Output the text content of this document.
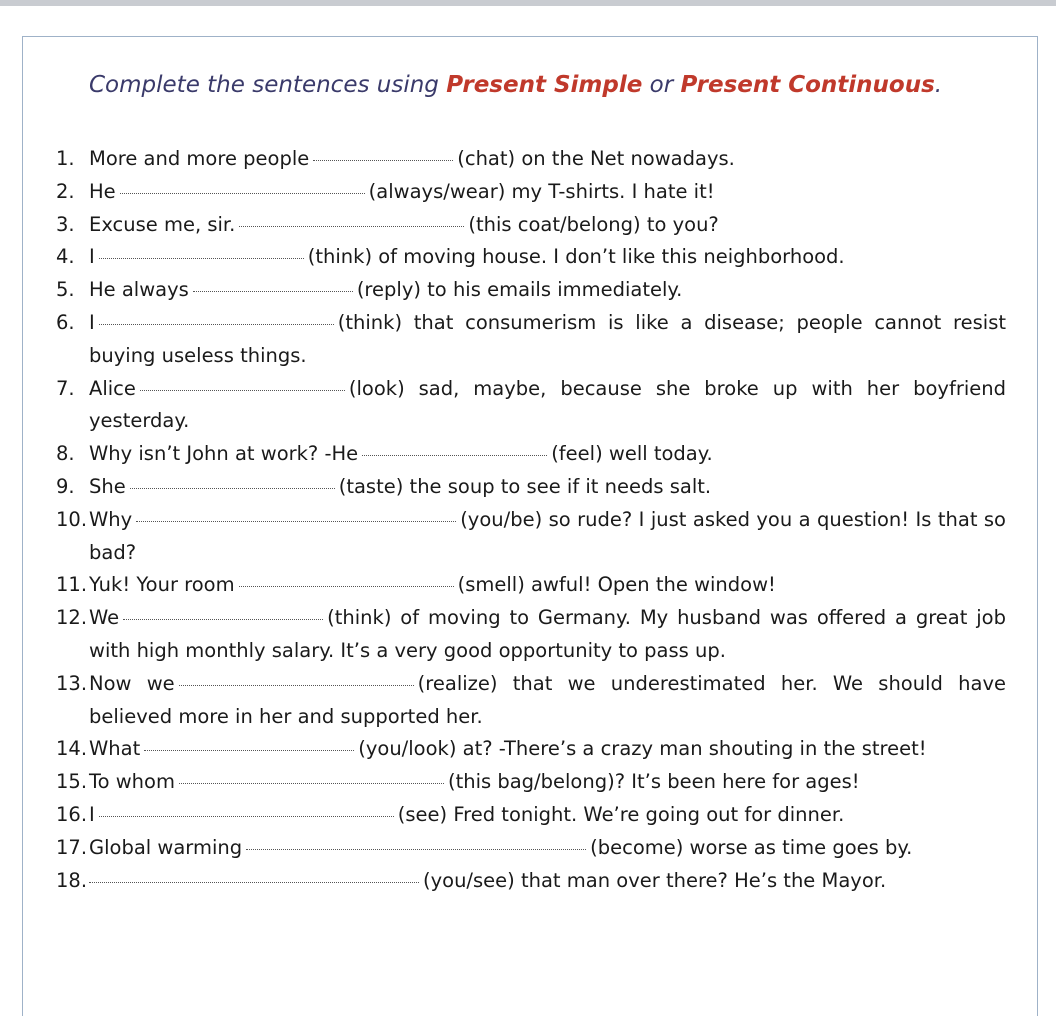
Complete the sentences using Present Simple or Present Continuous.
1. More and more people	(chat) on the Net nowadays.
2. He	(always/wear) my T-shirts. I hate it!
3. Excuse me, sir.	(this coat/belong) to you?
4. I	(think) of moving house. I don’t like this neighborhood.
5. He always	(reply) to his emails immediately.
6. I	(think) that consumerism is like a disease; people cannot resist buying useless things.
7. Alice	(look) sad, maybe, because she broke up with her boyfriend yesterday.
8. Why isn’t John at work? -He	(feel) well today.
9. She	(taste) the soup to see if it needs salt.
10. Why	(you/be) so rude? I just asked you a question! Is that so bad?
11. Yuk! Your room	(smell) awful! Open the window!
12. We	(think) of moving to Germany. My husband was offered a great job with high monthly salary. It’s a very good opportunity to pass up.
13. Now we	(realize) that we underestimated her. We should have believed more in her and supported her.
14. What	(you/look) at? -There’s a crazy man shouting in the street!
15. To whom	(this bag/belong)? It’s been here for ages!
16. I	(see) Fred tonight. We’re going out for dinner.
17. Global warming	(become) worse as time goes by.
18.	(you/see) that man over there? He’s the Mayor.
